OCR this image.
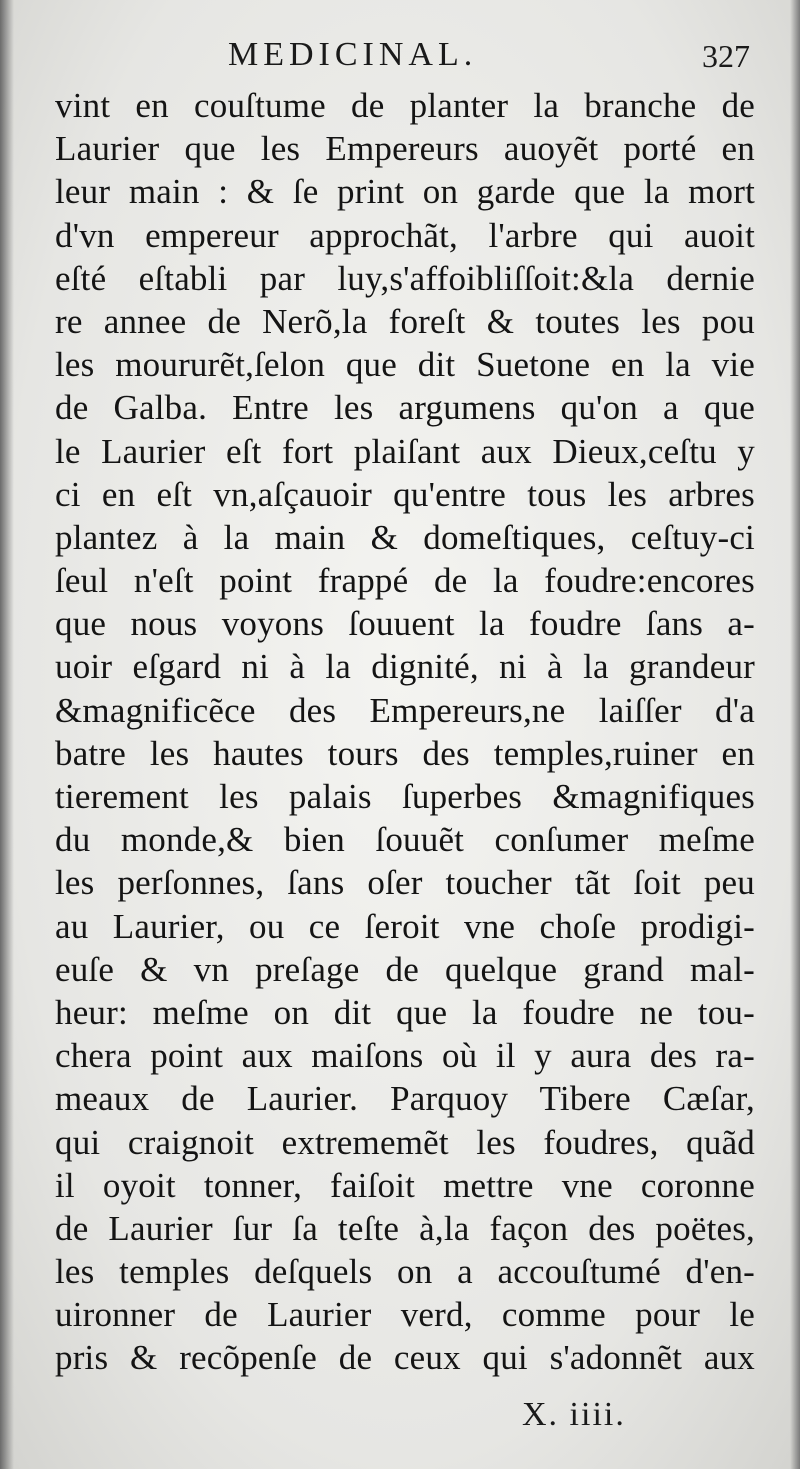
MEDICINAL.	327
vint en couſtume de planter la branche de
Laurier que les Empereurs auoyẽt porté en
leur main : & ſe print on garde que la mort
d'vn empereur approchãt, l'arbre qui auoit
eſté eſtabli par luy,s'affoibliſſoit:&la dernie
re annee de Nerõ,la foreſt & toutes les pou
les moururẽt,ſelon que dit Suetone en la vie
de Galba. Entre les argumens qu'on a que
le Laurier eſt fort plaiſant aux Dieux,ceſtu y
ci en eſt vn,aſçauoir qu'entre tous les arbres
plantez à la main & domeſtiques, ceſtuy-ci
ſeul n'eſt point frappé de la foudre:encores
que nous voyons ſouuent la foudre ſans a-
uoir eſgard ni à la dignité, ni à la grandeur
&magnificẽce des Empereurs,ne laiſſer d'a
batre les hautes tours des temples,ruiner en
tierement les palais ſuperbes &magnifiques
du monde,& bien ſouuẽt conſumer meſme
les perſonnes, ſans oſer toucher tãt ſoit peu
au Laurier, ou ce ſeroit vne choſe prodigi-
euſe & vn preſage de quelque grand mal-
heur: meſme on dit que la foudre ne tou-
chera point aux maiſons où il y aura des ra-
meaux de Laurier. Parquoy Tibere Cæſar,
qui craignoit extrememẽt les foudres, quãd
il oyoit tonner, faiſoit mettre vne coronne
de Laurier ſur ſa teſte à,la façon des poëtes,
les temples deſquels on a accouſtumé d'en-
uironner de Laurier verd, comme pour le
pris & recõpenſe de ceux qui s'adonnẽt aux
X. iiii.
